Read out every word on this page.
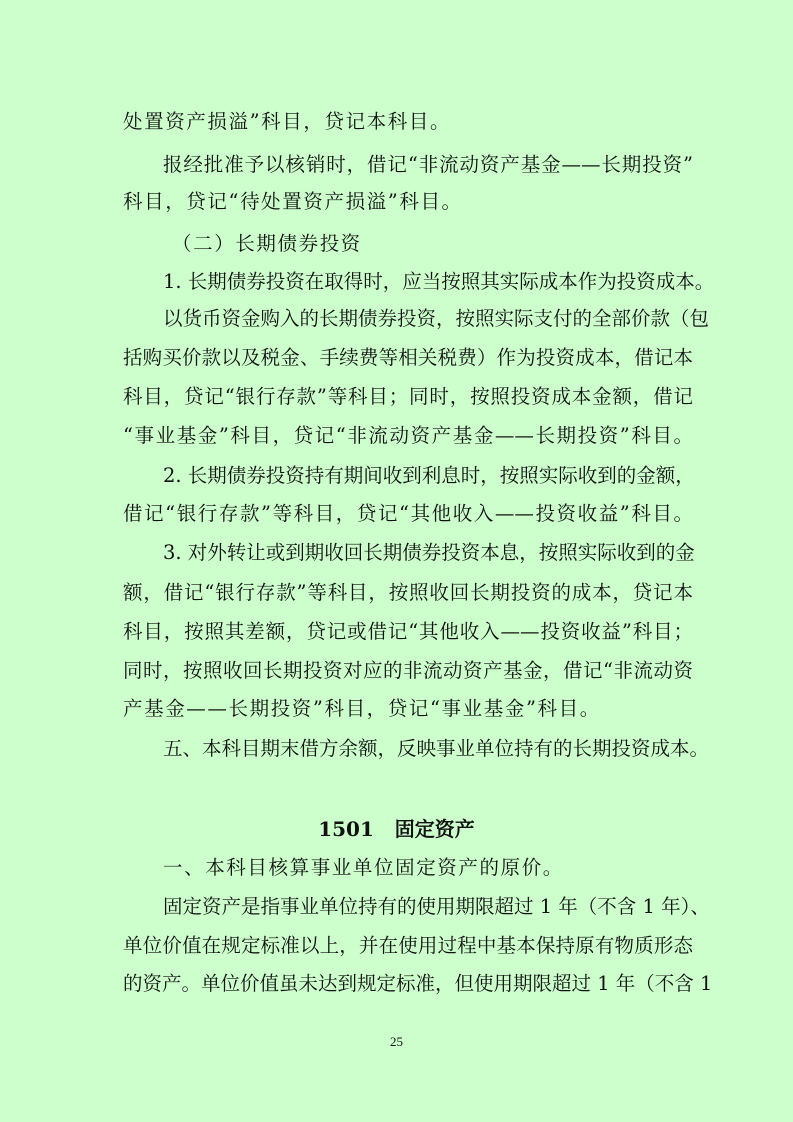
处置资产损溢”科目，贷记本科目。
报经批准予以核销时，借记“非流动资产基金——长期投资”
科目，贷记“待处置资产损溢”科目。
（二）长期债券投资
1. 长期债券投资在取得时，应当按照其实际成本作为投资成本。
以货币资金购入的长期债券投资，按照实际支付的全部价款（包
括购买价款以及税金、手续费等相关税费）作为投资成本，借记本
科目，贷记“银行存款”等科目；同时，按照投资成本金额，借记
“事业基金”科目，贷记“非流动资产基金——长期投资”科目。
2. 长期债券投资持有期间收到利息时，按照实际收到的金额，
借记“银行存款”等科目，贷记“其他收入——投资收益”科目。
3. 对外转让或到期收回长期债券投资本息，按照实际收到的金
额，借记“银行存款”等科目，按照收回长期投资的成本，贷记本
科目，按照其差额，贷记或借记“其他收入——投资收益”科目；
同时，按照收回长期投资对应的非流动资产基金，借记“非流动资
产基金——长期投资”科目，贷记“事业基金”科目。
五、本科目期末借方余额，反映事业单位持有的长期投资成本。
1501   固定资产
一、本科目核算事业单位固定资产的原价。
固定资产是指事业单位持有的使用期限超过 1 年（不含 1 年）、
单位价值在规定标准以上，并在使用过程中基本保持原有物质形态
的资产。单位价值虽未达到规定标准，但使用期限超过 1 年（不含 1
25
